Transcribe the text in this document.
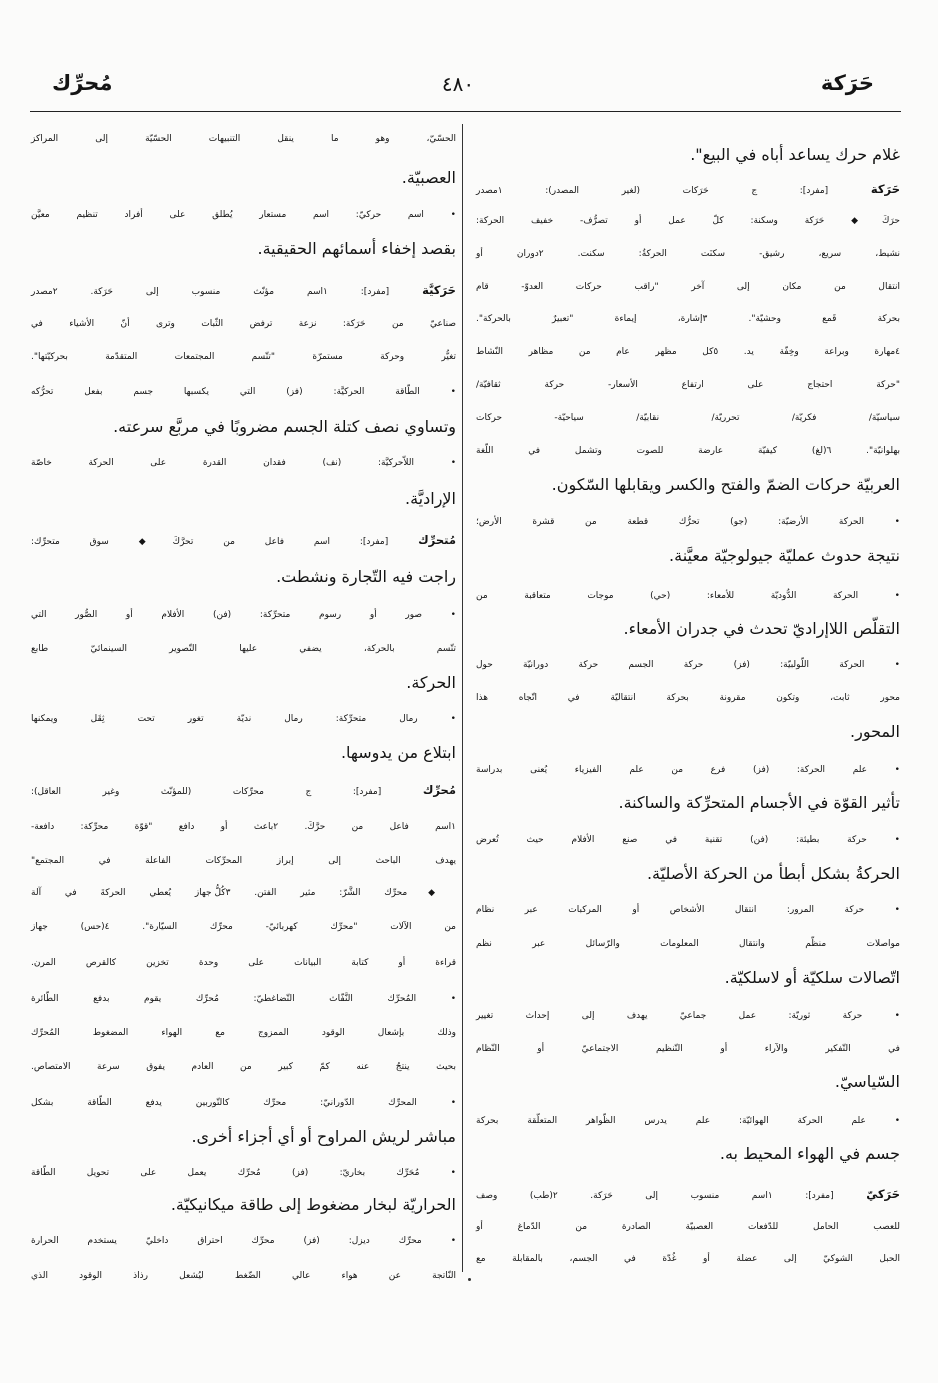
حَرَكة
٤٨٠
مُحرِّك
غلام حرك يساعد أباه في البيع".
حَرَكة [مفرد]: ج حَرَكات (لغير المصدر): ١مصدر
حرَكَ◆ حَرَكة وسكنة: كلّ عمل أو تصرُّف- خفيف الحركة:
نشيط، سريع، رشيق- سكنَت الحركةُ: سكنت. ٢دوران أو
انتقال من مكان إلى آخر "راقب حركات العدوّ- قام
بحركة قَمع وحشيّة". ٣إشارة، إيماءة "تعبيرٌ بالحركة".
٤مهارة وبراعة وخِفّة يد. ٥كل مظهر عام من مظاهر النّشاط
"حركة احتجاج على ارتفاع الأسعار- حركة ثقافيّة/
سياسيّة/ فكريّة/ تحرريّة/ نقابيّة/ سياحيّة- حركات
بهلوانيّة". ٦(لغ) كيفيّة عارضة للصوت وتشمل في اللّغة
العربيّة حركات الضمّ والفتح والكسر ويقابلها السّكون.
• الحركة الأرضيّة: (جو) تحرُّك قطعة من قشرة الأرض؛
نتيجة حدوث عمليّة جيولوجيّة معيَّنة.
• الحركة الدُّوديّة للأمعاء: (حي) موجات متعاقبة من
التقلّص اللاإراديّ تحدث في جدران الأمعاء.
• الحركة اللّولبيّة: (فز) حركة الجسم حركة دورانيّة حول
محور ثابت، وتكون مقرونة بحركة انتقاليّة في اتّجاه هذا
المحور.
• علم الحركة: (فز) فرع من علم الفيزياء يُعنى بدراسة
تأثير القوّة في الأجسام المتحرِّكة والساكنة.
• حركة بطيئة: (فن) تقنية في صنع الأفلام حيث تُعرض
الحركةُ بشكل أبطأ من الحركة الأصليّة.
• حركة المرور: انتقال الأشخاص أو المركبات عبر نظام
مواصلات منظّم وانتقال المعلومات والرّسائل عبر نظم
اتّصالات سلكيّة أو لاسلكيّة.
• حركة ثوريّة: عمل جماعيّ يهدف إلى إحداث تغيير
في التّفكير والآراء أو التّنظيم الاجتماعيّ أو النّظام
السّياسيّ.
• علم الحركة الهوائيّة: علم يدرس الظّواهر المتعلّقة بحركة
جسم في الهواء المحيط به.
حَرَكيّ [مفرد]: ١اسم منسوب إلى حَرَكة. ٢(طب) وصف
للعصب الحامل للدّفعات العصبيّة الصادرة من الدّماغ أو
الحبل الشوكيّ إلى عضلة أو غُدّة في الجسم، بالمقابلة مع
الحسّيّ، وهو ما ينقل التنبيهات الحسّيّة إلى المراكز
العصبيّة.
• اسم حركيّ: اسم مستعار يُطلق على أفراد تنظيم معيَّن
بقصد إخفاء أسمائهم الحقيقية.
حَرَكيَّة [مفرد]: ١اسم مؤنّث منسوب إلى حَرَكة. ٢مصدر
صناعيّ من حَرَكة: نزعة ترفض الثّبات وترى أنّ الأشياء في
تغيُّر وحركة مستمرّة "تتّسم المجتمعات المتقدّمة بحركيّتها".
• الطّاقة الحركيَّة: (فز) التي يكسبها جسم بفعل تحرُّكه
وتساوي نصف كتلة الجسم مضروبًا في مربَّع سرعته.
• اللاّحركيَّة: (نف) فقدان القدرة على الحركة خاصّة
الإراديَّة.
مُتحرِّك [مفرد]: اسم فاعل من تحرَّكَ◆ سوق متحرِّك:
راجت فيه التّجارة ونشطت.
• صور أو رسوم متحرِّكة: (فن) الأفلام أو الصُّور التي
تتّسم بالحركة، يضفي عليها التّصوير السينمائيّ طابع
الحركة.
• رمال متحرِّكة: رمال نديّة تغور تحت ثِقَل ويمكنها
ابتلاع من يدوسها.
مُحرِّك [مفرد]: ج محرِّكات (للمؤنّث وغير العاقل):
١اسم فاعل من حرَّكَ. ٢باعث أو دافع "قوّة محرِّكة: دافعة-
يهدف الباحث إلى إبراز المحرِّكات الفاعلة في المجتمع"
◆محرِّك الشَّرّ: مثير الفتن. ٣كُلُّ جهاز يُعطي الحركةَ في آلة
من الآلات "محرِّك كهربائيّ- محرِّك السيّارة". ٤(حس) جهاز
قراءة أو كتابة البيانات على وحدة تخزين كالقرص المرن.
• المُحرِّك النَّفّاث التّضاغطيّ: مُحرِّك يقوم بدفع الطّائرة
وذلك بإشعال الوقود الممزوج مع الهواء المضغوط المُحرِّك
بحيث ينتجُ عنه كمّ كبير من العادم يفوق سرعة الامتصاص.
• المحرِّك الدّورانيّ: محرِّك كالتّوربين يدفع الطّاقة بشكل
مباشر لريش المراوح أو أي أجزاء أخرى.
• مُحَرِّك بخاريّ: (فز) مُحرِّك يعمل على تحويل الطّاقة
الحراريّة لبخار مضغوط إلى طاقة ميكانيكيّة.
• محرِّك ديزل: (فز) محرِّك احتراق داخليّ يستخدم الحرارة
النّاتجة عن هواء عالي الضّغط ليُشعل رذاذ الوقود الذي
